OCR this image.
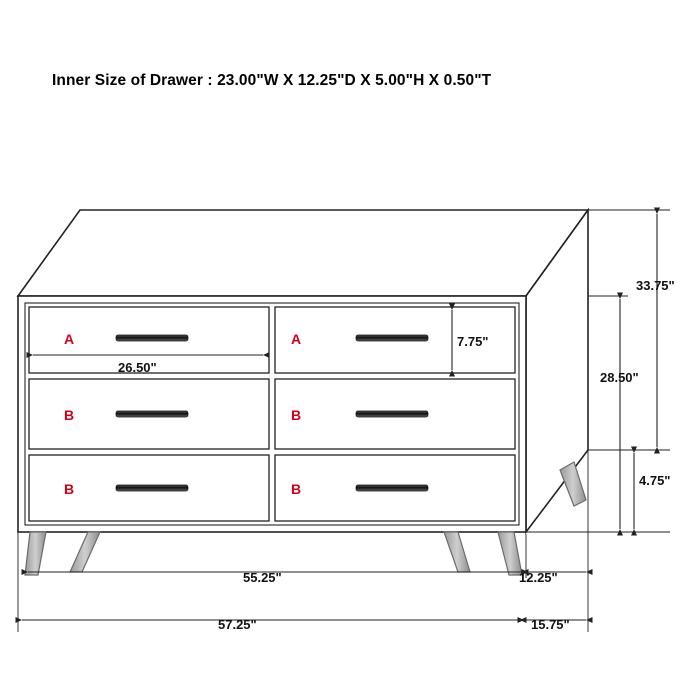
Inner Size of Drawer : 23.00"W X 12.25"D X 5.00"H X 0.50"T
A	A
B	B
B	B
26.50"
7.75"
33.75"
28.50"
4.75"
55.25"	12.25"
57.25"	15.75"
